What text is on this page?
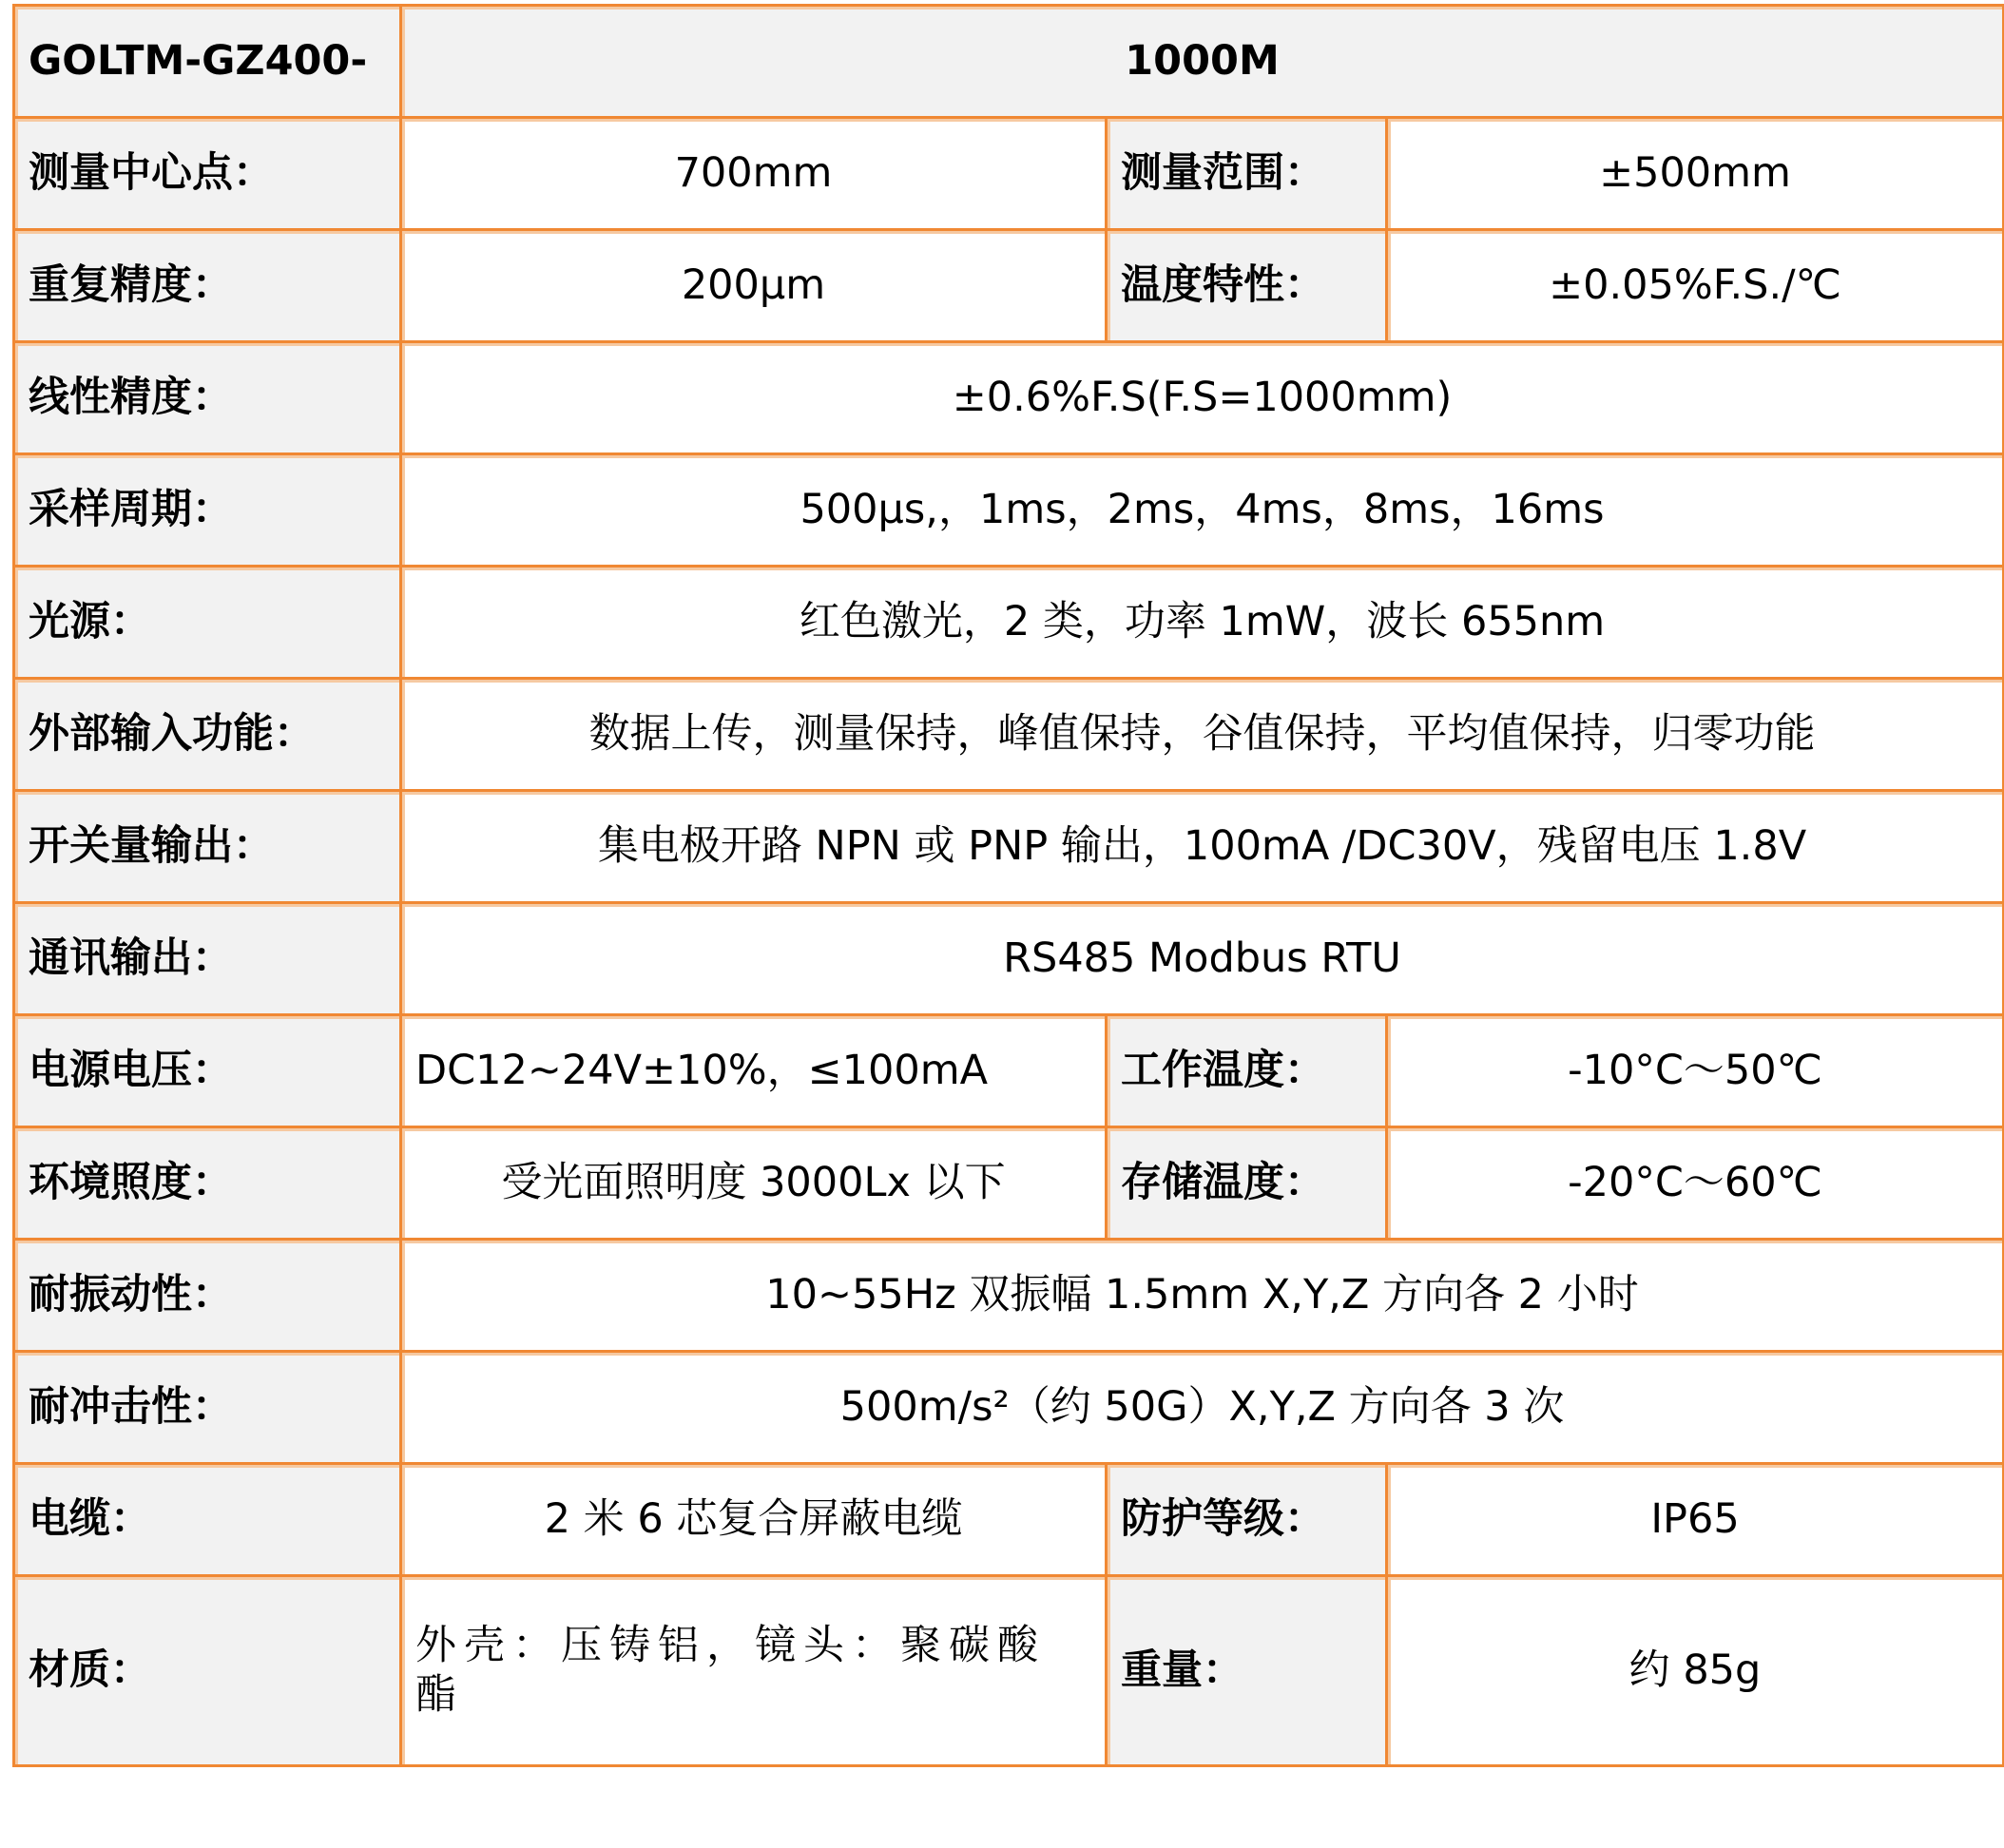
GOLTM-GZ400-	1000M		
测量中心点：	700mm	测量范围：	±500mm
重复精度：	200μm	温度特性：	±0.05%F.S./℃
线性精度：	±0.6%F.S(F.S=1000mm)		
采样周期：	500μs,，1ms，2ms，4ms，8ms，16ms		
光源：	红色激光，2 类，功率 1mW，波长 655nm		
外部输入功能：	数据上传，测量保持，峰值保持，谷值保持，平均值保持，归零功能		
开关量输出：	集电极开路 NPN 或 PNP 输出，100mA /DC30V，残留电压 1.8V		
通讯输出：	RS485 Modbus RTU		
电源电压：	DC12~24V±10%，≤100mA	工作温度：	-10°C～50℃
环境照度：	受光面照明度 3000Lx 以下	存储温度：	-20°C～60℃
耐振动性：	10~55Hz 双振幅 1.5mm X,Y,Z 方向各 2 小时		
耐冲击性：	500m/s²（约 50G）X,Y,Z 方向各 3 次		
电缆：	2 米 6 芯复合屏蔽电缆	防护等级：	IP65
材质：	外壳：压铸铝，镜头：聚碳酸酯	重量：	约 85g
